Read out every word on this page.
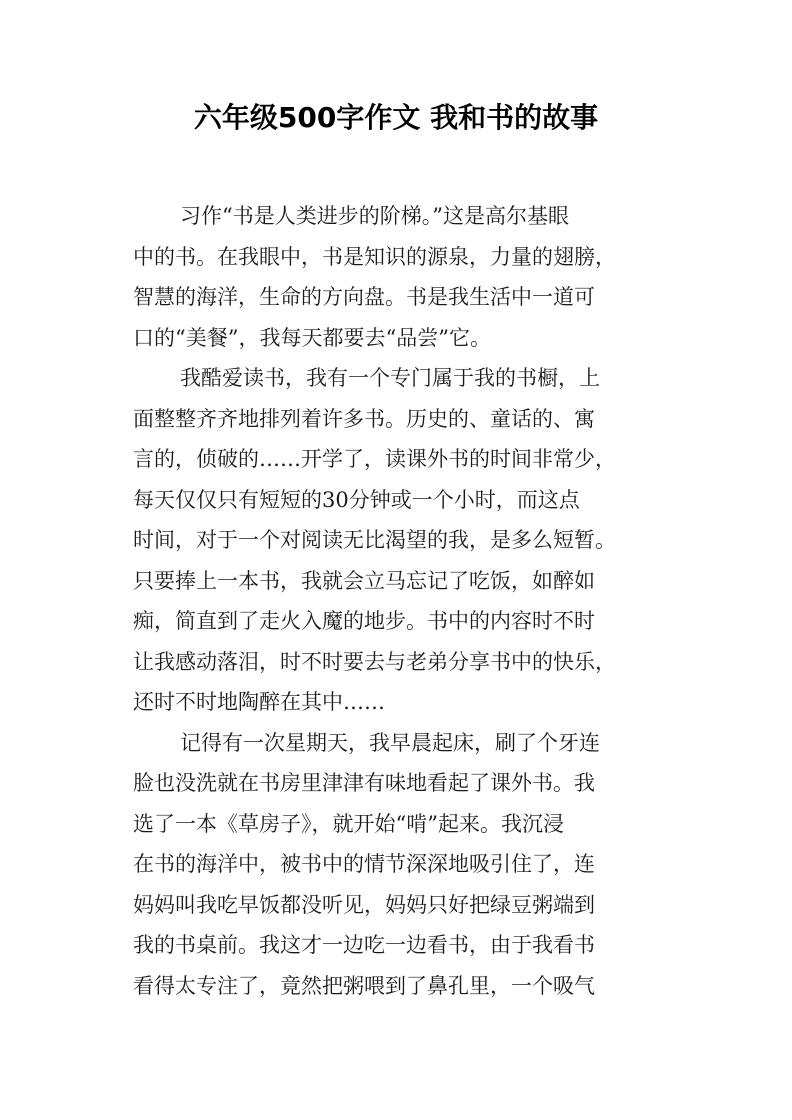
六年级500字作文 我和书的故事
习作“书是人类进步的阶梯。”这是高尔基眼
中的书。在我眼中，书是知识的源泉，力量的翅膀，
智慧的海洋，生命的方向盘。书是我生活中一道可
口的“美餐”，我每天都要去“品尝”它。
我酷爱读书，我有一个专门属于我的书橱，上
面整整齐齐地排列着许多书。历史的、童话的、寓
言的，侦破的……开学了，读课外书的时间非常少，
每天仅仅只有短短的30分钟或一个小时，而这点
时间，对于一个对阅读无比渴望的我，是多么短暂。
只要捧上一本书，我就会立马忘记了吃饭，如醉如
痴，简直到了走火入魔的地步。书中的内容时不时
让我感动落泪，时不时要去与老弟分享书中的快乐，
还时不时地陶醉在其中……
记得有一次星期天，我早晨起床，刷了个牙连
脸也没洗就在书房里津津有味地看起了课外书。我
选了一本《草房子》，就开始“啃”起来。我沉浸
在书的海洋中，被书中的情节深深地吸引住了，连
妈妈叫我吃早饭都没听见，妈妈只好把绿豆粥端到
我的书桌前。我这才一边吃一边看书，由于我看书
看得太专注了，竟然把粥喂到了鼻孔里，一个吸气
